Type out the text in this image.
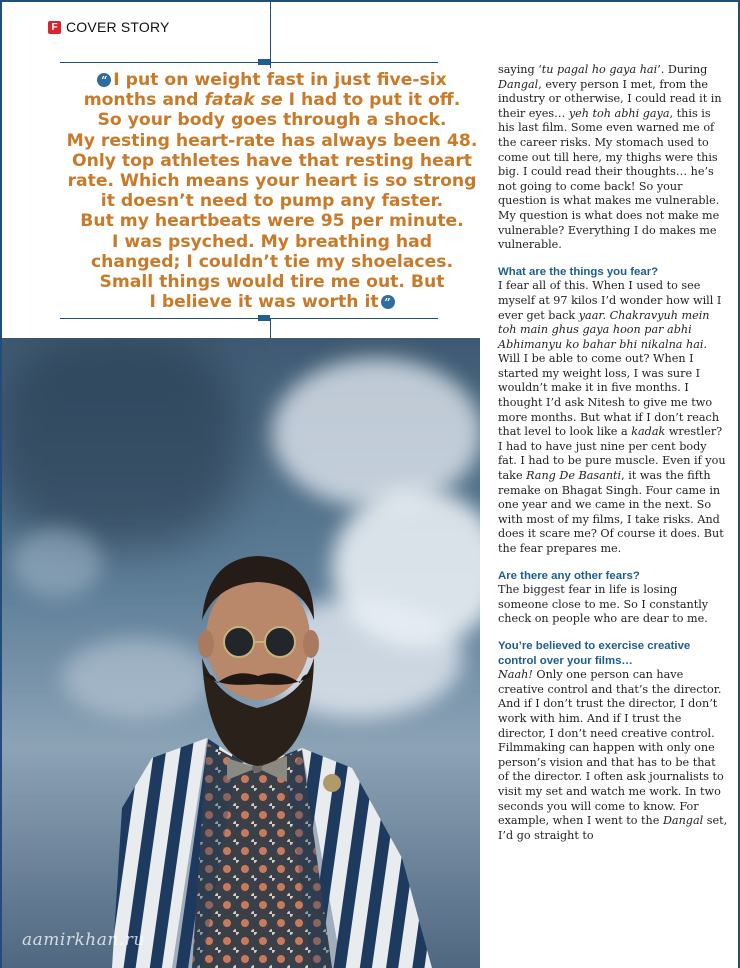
F COVER STORY
“ I put on weight fast in just five-six
months and fatak se I had to put it off.
So your body goes through a shock.
My resting heart-rate has always been 48.
Only top athletes have that resting heart
rate. Which means your heart is so strong
it doesn’t need to pump any faster.
But my heartbeats were 95 per minute.
I was psyched. My breathing had
changed; I couldn’t tie my shoelaces.
Small things would tire me out. But
I believe it was worth it ”
aamirkhan.ru

saying ‘tu pagal ho gaya hai’. During Dangal, every person I met, from the industry or otherwise, I could read it in their eyes… yeh toh abhi gaya, this is his last film. Some even warned me of the career risks. My stomach used to come out till here, my thighs were this big. I could read their thoughts… he’s not going to come back! So your question is what makes me vulnerable. My question is what does not make me vulnerable? Everything I do makes me vulnerable.

What are the things you fear?

I fear all of this. When I used to see myself at 97 kilos I’d wonder how will I ever get back yaar. Chakravyuh mein toh main ghus gaya hoon par abhi Abhimanyu ko bahar bhi nikalna hai. Will I be able to come out? When I started my weight loss, I was sure I wouldn’t make it in five months. I thought I’d ask Nitesh to give me two more months. But what if I don’t reach that level to look like a kadak wrestler? I had to have just nine per cent body fat. I had to be pure muscle. Even if you take Rang De Basanti, it was the fifth remake on Bhagat Singh. Four came in one year and we came in the next. So with most of my films, I take risks. And does it scare me? Of course it does. But the fear prepares me.

Are there any other fears?

The biggest fear in life is losing someone close to me. So I constantly check on people who are dear to me.

You’re believed to exercise creative control over your films…

Naah! Only one person can have creative control and that’s the director. And if I don’t trust the director, I don’t work with him. And if I trust the director, I don’t need creative control. Filmmaking can happen with only one person’s vision and that has to be that of the director. I often ask journalists to visit my set and watch me work. In two seconds you will come to know. For example, when I went to the Dangal set, I’d go straight to
